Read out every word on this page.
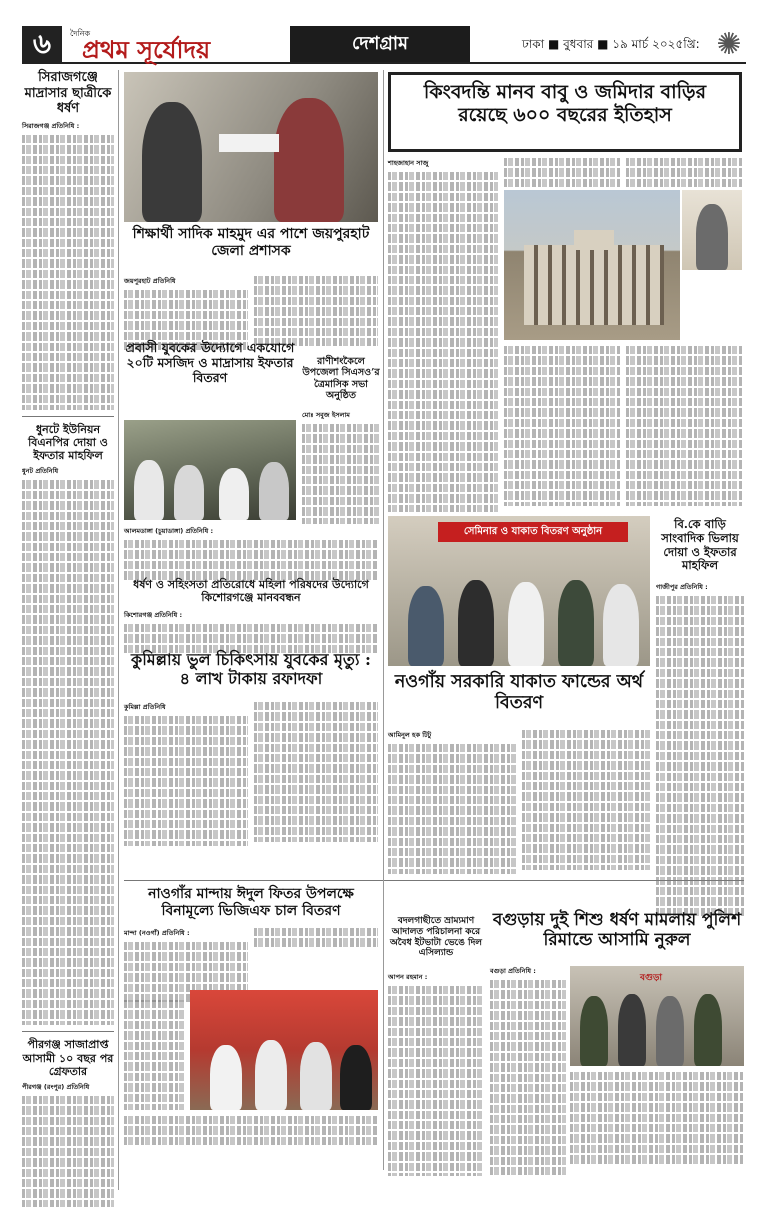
৬	দৈনিক
প্রথম সূর্যোদয়	দেশগ্রাম	ঢাকা ■ বুধবার ■ ১৯ মার্চ ২০২৫খ্রি: ✺
সিরাজগঞ্জে মাদ্রাসার ছাত্রীকে ধর্ষণ
সিরাজগঞ্জ প্রতিনিধি :
ধুনটে ইউনিয়ন বিএনপির দোয়া ও ইফতার মাহফিল
ধুনট প্রতিনিধি
পীরগঞ্জ সাজাপ্রাপ্ত আসামী ১০ বছর পর গ্রেফতার
পীরগঞ্জ (রংপুর) প্রতিনিধি
শিক্ষার্থী সাদিক মাহমুদ এর পাশে জয়পুরহাট জেলা প্রশাসক
জয়পুরহাট প্রতিনিধি
প্রবাসী যুবকের উদ্যোগে একযোগে ২০টি মসজিদ ও মাদ্রাসায় ইফতার বিতরণ
আলমডাঙ্গা (চুয়াডাঙ্গা) প্রতিনিধি :
রাণীশংকৈলে উপজেলা সিএসও’র ত্রৈমাসিক সভা অনুষ্ঠিত
মোঃ সবুজ ইসলাম
ধর্ষণ ও সহিংসতা প্রতিরোধে মহিলা পরিষদের উদ্যোগে কিশোরগঞ্জে মানববন্ধন
কিশোরগঞ্জ প্রতিনিধি :
কুমিল্লায় ভুল চিকিৎসায় যুবকের মৃত্যু : ৪ লাখ টাকায় রফাদফা
কুমিল্লা প্রতিনিধি
কিংবদন্তি মানব বাবু ও জমিদার বাড়ির রয়েছে ৬০০ বছরের ইতিহাস
শাহজাহান সাজু
সেমিনার ও যাকাত বিতরণ অনুষ্ঠান
বি.কে বাড়ি সাংবাদিক ভিলায় দোয়া ও ইফতার মাহফিল
গাজীপুর প্রতিনিধি :
নওগাঁয় সরকারি যাকাত ফান্ডের অর্থ বিতরণ
আমিনুল হক টিটু
নাওগাঁর মান্দায় ঈদুল ফিতর উপলক্ষে বিনামূল্যে ভিজিএফ চাল বিতরণ
মান্দা (নওগাঁ) প্রতিনিধি :
বদলগাছীতে ভ্রাম্যমাণ আদালত পরিচালনা করে অবৈধ ইটভাটা ভেঙে দিল এসিল্যান্ড
আপন রহমান :
বগুড়ায় দুই শিশু ধর্ষণ মামলায় পুলিশ রিমান্ডে আসামি নুরুল
বগুড়া প্রতিনিধি :
বগুড়া
